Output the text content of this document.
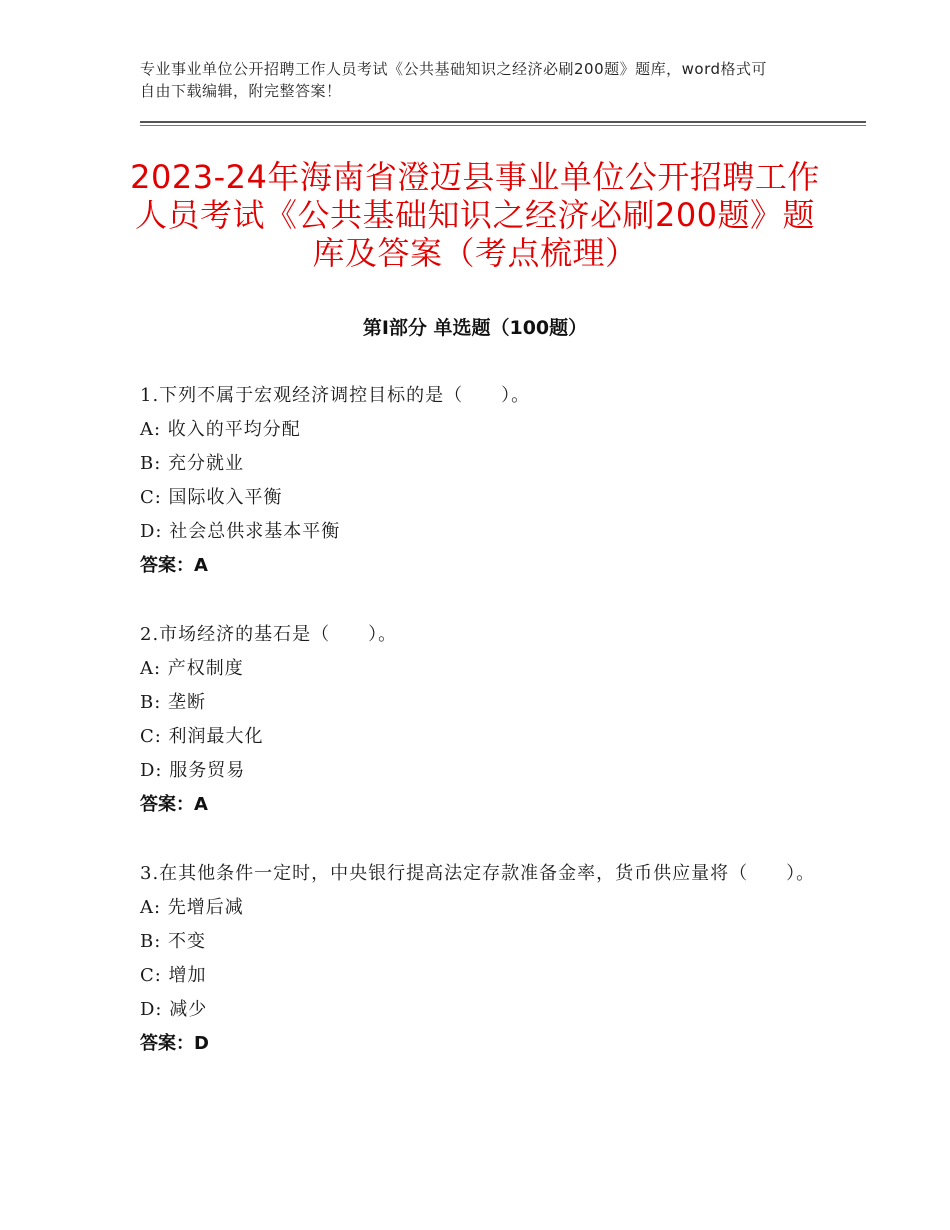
专业事业单位公开招聘工作人员考试《公共基础知识之经济必刷200题》题库，word格式可自由下载编辑，附完整答案！
2023-24年海南省澄迈县事业单位公开招聘工作人员考试《公共基础知识之经济必刷200题》题库及答案（考点梳理）
第Ⅰ部分 单选题（100题）
1.下列不属于宏观经济调控目标的是（　　）。
A: 收入的平均分配
B: 充分就业
C: 国际收入平衡
D: 社会总供求基本平衡
答案：A
2.市场经济的基石是（　　）。
A: 产权制度
B: 垄断
C: 利润最大化
D: 服务贸易
答案：A
3.在其他条件一定时，中央银行提高法定存款准备金率，货币供应量将（　　）。
A: 先增后减
B: 不变
C: 增加
D: 减少
答案：D
